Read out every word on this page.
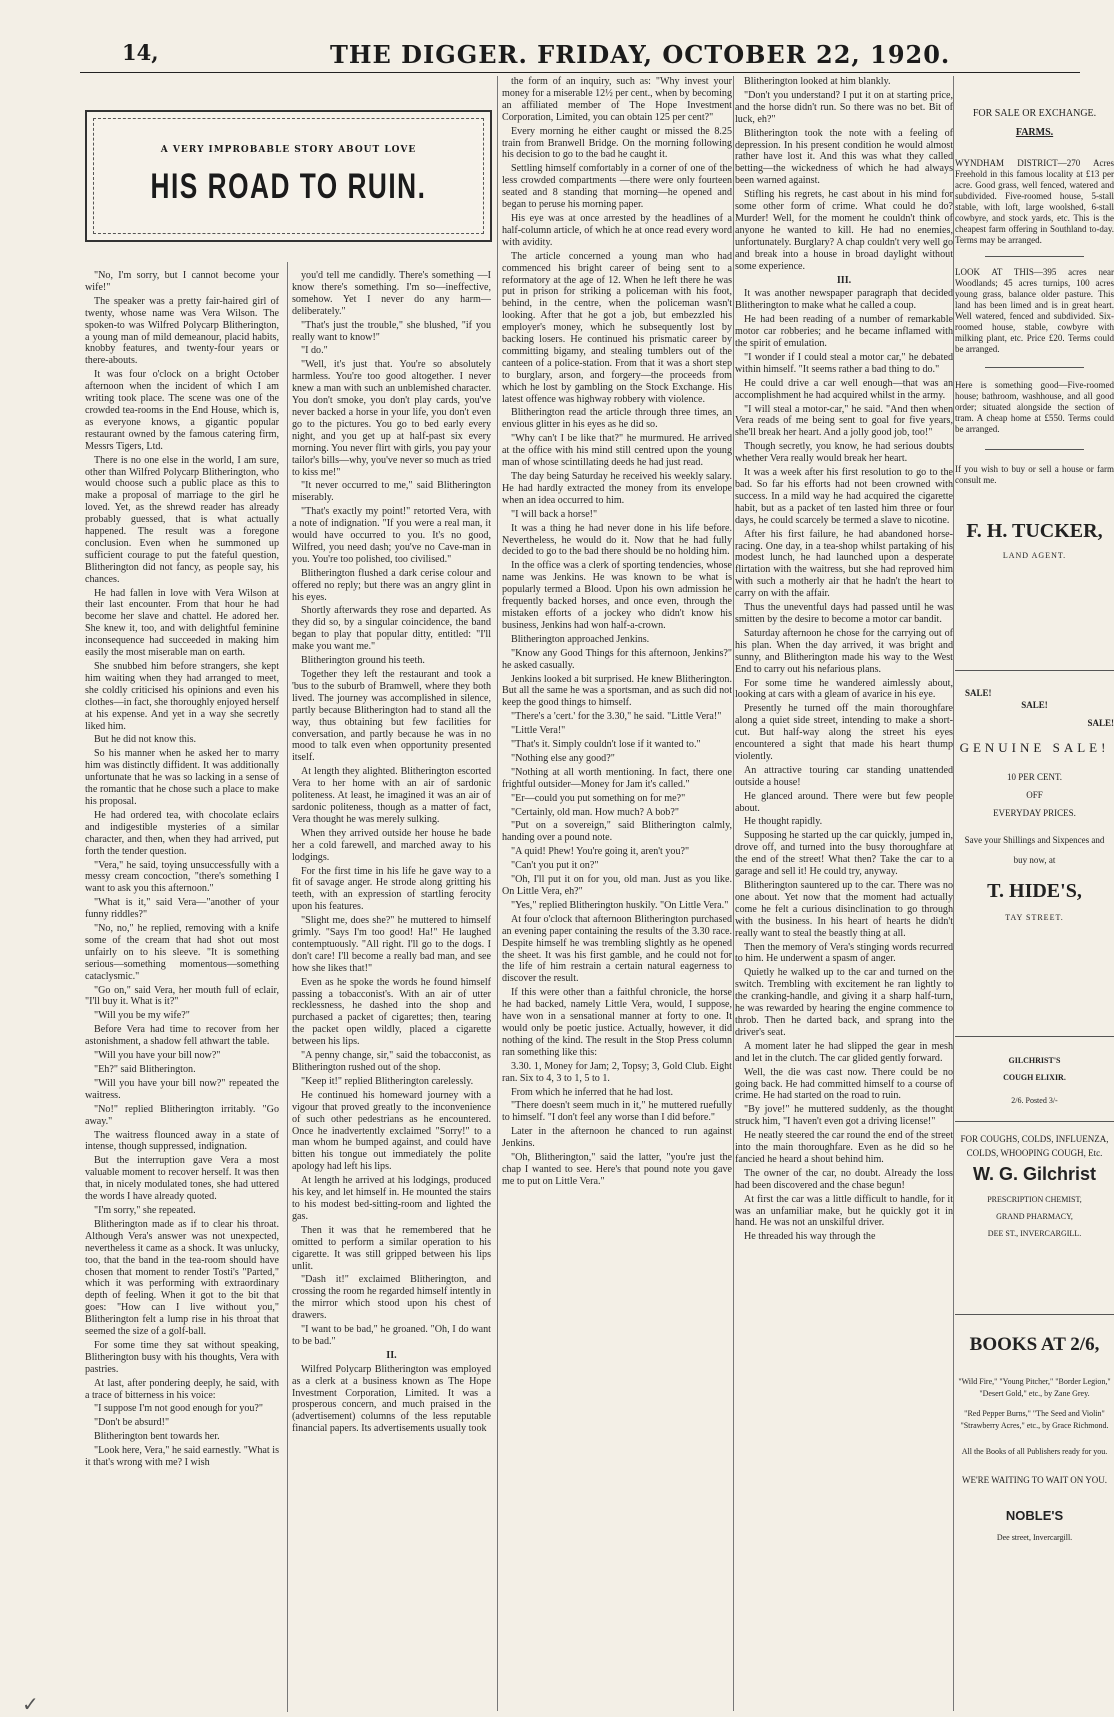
14,	THE DIGGER. FRIDAY, OCTOBER 22, 1920.
A VERY IMPROBABLE STORY ABOUT LOVE
HIS ROAD TO RUIN.

"No, I'm sorry, but I cannot become your wife!"

The speaker was a pretty fair-haired girl of twenty, whose name was Vera Wilson. The spoken-to was Wilfred Polycarp Blitherington, a young man of mild demeanour, placid habits, knobby features, and twenty-four years or there-abouts.

It was four o'clock on a bright October afternoon when the incident of which I am writing took place. The scene was one of the crowded tea-rooms in the End House, which is, as everyone knows, a gigantic popular restaurant owned by the famous catering firm, Messrs Tigers, Ltd.

There is no one else in the world, I am sure, other than Wilfred Polycarp Blitherington, who would choose such a public place as this to make a proposal of marriage to the girl he loved. Yet, as the shrewd reader has already probably guessed, that is what actually happened. The result was a foregone conclusion. Even when he summoned up sufficient courage to put the fateful question, Blitherington did not fancy, as people say, his chances.

He had fallen in love with Vera Wilson at their last encounter. From that hour he had become her slave and chattel. He adored her. She knew it, too, and with delightful feminine inconsequence had succeeded in making him easily the most miserable man on earth.

She snubbed him before strangers, she kept him waiting when they had arranged to meet, she coldly criticised his opinions and even his clothes—in fact, she thoroughly enjoyed herself at his expense. And yet in a way she secretly liked him.

But he did not know this.

So his manner when he asked her to marry him was distinctly diffident. It was additionally unfortunate that he was so lacking in a sense of the romantic that he chose such a place to make his proposal.

He had ordered tea, with chocolate eclairs and indigestible mysteries of a similar character, and then, when they had arrived, put forth the tender question.

"Vera," he said, toying unsuccessfully with a messy cream concoction, "there's something I want to ask you this afternoon."

"What is it," said Vera—"another of your funny riddles?"

"No, no," he replied, removing with a knife some of the cream that had shot out most unfairly on to his sleeve. "It is something serious—something momentous—something cataclysmic."

"Go on," said Vera, her mouth full of eclair, "I'll buy it. What is it?"

"Will you be my wife?"

Before Vera had time to recover from her astonishment, a shadow fell athwart the table.

"Will you have your bill now?"

"Eh?" said Blitherington.

"Will you have your bill now?" repeated the waitress.

"No!" replied Blitherington irritably. "Go away."

The waitress flounced away in a state of intense, though suppressed, indignation.

But the interruption gave Vera a most valuable moment to recover herself. It was then that, in nicely modulated tones, she had uttered the words I have already quoted.

"I'm sorry," she repeated.

Blitherington made as if to clear his throat. Although Vera's answer was not unexpected, nevertheless it came as a shock. It was unlucky, too, that the band in the tea-room should have chosen that moment to render Tosti's "Parted," which it was performing with extraordinary depth of feeling. When it got to the bit that goes: "How can I live without you," Blitherington felt a lump rise in his throat that seemed the size of a golf-ball.

For some time they sat without speaking, Blitherington busy with his thoughts, Vera with pastries.

At last, after pondering deeply, he said, with a trace of bitterness in his voice:

"I suppose I'm not good enough for you?"

"Don't be absurd!"

Blitherington bent towards her.

"Look here, Vera," he said earnestly. "What is it that's wrong with me? I wish

you'd tell me candidly. There's something —I know there's something. I'm so—ineffective, somehow. Yet I never do any harm—deliberately."

"That's just the trouble," she blushed, "if you really want to know!"

"I do."

"Well, it's just that. You're so absolutely harmless. You're too good altogether. I never knew a man with such an unblemished character. You don't smoke, you don't play cards, you've never backed a horse in your life, you don't even go to the pictures. You go to bed early every night, and you get up at half-past six every morning. You never flirt with girls, you pay your tailor's bills—why, you've never so much as tried to kiss me!"

"It never occurred to me," said Blitherington miserably.

"That's exactly my point!" retorted Vera, with a note of indignation. "If you were a real man, it would have occurred to you. It's no good, Wilfred, you need dash; you've no Cave-man in you. You're too polished, too civilised."

Blitherington flushed a dark cerise colour and offered no reply; but there was an angry glint in his eyes.

Shortly afterwards they rose and departed. As they did so, by a singular coincidence, the band began to play that popular ditty, entitled: "I'll make you want me."

Blitherington ground his teeth.

Together they left the restaurant and took a 'bus to the suburb of Bramwell, where they both lived. The journey was accomplished in silence, partly because Blitherington had to stand all the way, thus obtaining but few facilities for conversation, and partly because he was in no mood to talk even when opportunity presented itself.

At length they alighted. Blitherington escorted Vera to her home with an air of sardonic politeness. At least, he imagined it was an air of sardonic politeness, though as a matter of fact, Vera thought he was merely sulking.

When they arrived outside her house he bade her a cold farewell, and marched away to his lodgings.

For the first time in his life he gave way to a fit of savage anger. He strode along gritting his teeth, with an expression of startling ferocity upon his features.

"Slight me, does she?" he muttered to himself grimly. "Says I'm too good! Ha!" He laughed contemptuously. "All right. I'll go to the dogs. I don't care! I'll become a really bad man, and see how she likes that!"

Even as he spoke the words he found himself passing a tobacconist's. With an air of utter recklessness, he dashed into the shop and purchased a packet of cigarettes; then, tearing the packet open wildly, placed a cigarette between his lips.

"A penny change, sir," said the tobacconist, as Blitherington rushed out of the shop.

"Keep it!" replied Blitherington carelessly.

He continued his homeward journey with a vigour that proved greatly to the inconvenience of such other pedestrians as he encountered. Once he inadvertently exclaimed "Sorry!" to a man whom he bumped against, and could have bitten his tongue out immediately the polite apology had left his lips.

At length he arrived at his lodgings, produced his key, and let himself in. He mounted the stairs to his modest bed-sitting-room and lighted the gas.

Then it was that he remembered that he omitted to perform a similar operation to his cigarette. It was still gripped between his lips unlit.

"Dash it!" exclaimed Blitherington, and crossing the room he regarded himself intently in the mirror which stood upon his chest of drawers.

"I want to be bad," he groaned. "Oh, I do want to be bad."

II.

Wilfred Polycarp Blitherington was employed as a clerk at a business known as The Hope Investment Corporation, Limited. It was a prosperous concern, and much praised in the (advertisement) columns of the less reputable financial papers. Its advertisements usually took

the form of an inquiry, such as: "Why invest your money for a miserable 12½ per cent., when by becoming an affiliated member of The Hope Investment Corporation, Limited, you can obtain 125 per cent?"

Every morning he either caught or missed the 8.25 train from Branwell Bridge. On the morning following his decision to go to the bad he caught it.

Settling himself comfortably in a corner of one of the less crowded compartments —there were only fourteen seated and 8 standing that morning—he opened and began to peruse his morning paper.

His eye was at once arrested by the headlines of a half-column article, of which he at once read every word with avidity.

The article concerned a young man who had commenced his bright career of being sent to a reformatory at the age of 12. When he left there he was put in prison for striking a policeman with his foot, behind, in the centre, when the policeman wasn't looking. After that he got a job, but embezzled his employer's money, which he subsequently lost by backing losers. He continued his prismatic career by committing bigamy, and stealing tumblers out of the canteen of a police-station. From that it was a short step to burglary, arson, and forgery—the proceeds from which he lost by gambling on the Stock Exchange. His latest offence was highway robbery with violence.

Blitherington read the article through three times, an envious glitter in his eyes as he did so.

"Why can't I be like that?" he murmured. He arrived at the office with his mind still centred upon the young man of whose scintillating deeds he had just read.

The day being Saturday he received his weekly salary. He had hardly extracted the money from its envelope when an idea occurred to him.

"I will back a horse!"

It was a thing he had never done in his life before. Nevertheless, he would do it. Now that he had fully decided to go to the bad there should be no holding him.

In the office was a clerk of sporting tendencies, whose name was Jenkins. He was known to be what is popularly termed a Blood. Upon his own admission he frequently backed horses, and once even, through the mistaken efforts of a jockey who didn't know his business, Jenkins had won half-a-crown.

Blitherington approached Jenkins.

"Know any Good Things for this afternoon, Jenkins?" he asked casually.

Jenkins looked a bit surprised. He knew Blitherington. But all the same he was a sportsman, and as such did not keep the good things to himself.

"There's a 'cert.' for the 3.30," he said. "Little Vera!"

"Little Vera!"

"That's it. Simply couldn't lose if it wanted to."

"Nothing else any good?"

"Nothing at all worth mentioning. In fact, there one frightful outsider—Money for Jam it's called."

"Er—could you put something on for me?"

"Certainly, old man. How much? A bob?"

"Put on a sovereign," said Blitherington calmly, handing over a pound note.

"A quid! Phew! You're going it, aren't you?"

"Can't you put it on?"

"Oh, I'll put it on for you, old man. Just as you like. On Little Vera, eh?"

"Yes," replied Blitherington huskily. "On Little Vera."

At four o'clock that afternoon Blitherington purchased an evening paper containing the results of the 3.30 race. Despite himself he was trembling slightly as he opened the sheet. It was his first gamble, and he could not for the life of him restrain a certain natural eagerness to discover the result.

If this were other than a faithful chronicle, the horse he had backed, namely Little Vera, would, I suppose, have won in a sensational manner at forty to one. It would only be poetic justice. Actually, however, it did nothing of the kind. The result in the Stop Press column ran something like this:

3.30. 1, Money for Jam; 2, Topsy; 3, Gold Club. Eight ran. Six to 4, 3 to 1, 5 to 1.

From which he inferred that he had lost.

"There doesn't seem much in it," he muttered ruefully to himself. "I don't feel any worse than I did before."

Later in the afternoon he chanced to run against Jenkins.

"Oh, Blitherington," said the latter, "you're just the chap I wanted to see. Here's that pound note you gave me to put on Little Vera."

Blitherington looked at him blankly.

"Don't you understand? I put it on at starting price, and the horse didn't run. So there was no bet. Bit of luck, eh?"

Blitherington took the note with a feeling of depression. In his present condition he would almost rather have lost it. And this was what they called betting—the wickedness of which he had always been warned against.

Stifling his regrets, he cast about in his mind for some other form of crime. What could he do? Murder! Well, for the moment he couldn't think of anyone he wanted to kill. He had no enemies, unfortunately. Burglary? A chap couldn't very well go and break into a house in broad daylight without some experience.

III.

It was another newspaper paragraph that decided Blitherington to make what he called a coup.

He had been reading of a number of remarkable motor car robberies; and he became inflamed with the spirit of emulation.

"I wonder if I could steal a motor car," he debated within himself. "It seems rather a bad thing to do."

He could drive a car well enough—that was an accomplishment he had acquired whilst in the army.

"I will steal a motor-car," he said. "And then when Vera reads of me being sent to goal for five years, she'll break her heart. And a jolly good job, too!"

Though secretly, you know, he had serious doubts whether Vera really would break her heart.

It was a week after his first resolution to go to the bad. So far his efforts had not been crowned with success. In a mild way he had acquired the cigarette habit, but as a packet of ten lasted him three or four days, he could scarcely be termed a slave to nicotine.

After his first failure, he had abandoned horse-racing. One day, in a tea-shop whilst partaking of his modest lunch, he had launched upon a desperate flirtation with the waitress, but she had reproved him with such a motherly air that he hadn't the heart to carry on with the affair.

Thus the uneventful days had passed until he was smitten by the desire to become a motor car bandit.

Saturday afternoon he chose for the carrying out of his plan. When the day arrived, it was bright and sunny, and Blitherington made his way to the West End to carry out his nefarious plans.

For some time he wandered aimlessly about, looking at cars with a gleam of avarice in his eye.

Presently he turned off the main thoroughfare along a quiet side street, intending to make a short-cut. But half-way along the street his eyes encountered a sight that made his heart thump violently.

An attractive touring car standing unattended outside a house!

He glanced around. There were but few people about.

He thought rapidly.

Supposing he started up the car quickly, jumped in, drove off, and turned into the busy thoroughfare at the end of the street! What then? Take the car to a garage and sell it! He could try, anyway.

Blitherington sauntered up to the car. There was no one about. Yet now that the moment had actually come he felt a curious disinclination to go through with the business. In his heart of hearts he didn't really want to steal the beastly thing at all.

Then the memory of Vera's stinging words recurred to him. He underwent a spasm of anger.

Quietly he walked up to the car and turned on the switch. Trembling with excitement he ran lightly to the cranking-handle, and giving it a sharp half-turn, he was rewarded by hearing the engine commence to throb. Then he darted back, and sprang into the driver's seat.

A moment later he had slipped the gear in mesh and let in the clutch. The car glided gently forward.

Well, the die was cast now. There could be no going back. He had committed himself to a course of crime. He had started on the road to ruin.

"By jove!" he muttered suddenly, as the thought struck him, "I haven't even got a driving license!"

He neatly steered the car round the end of the street into the main thoroughfare. Even as he did so he fancied he heard a shout behind him.

The owner of the car, no doubt. Already the loss had been discovered and the chase begun!

At first the car was a little difficult to handle, for it was an unfamiliar make, but he quickly got it in hand. He was not an unskilful driver.

He threaded his way through the

FOR SALE OR EXCHANGE.
FARMS.
WYNDHAM DISTRICT—270 Acres Freehold in this famous locality at £13 per acre. Good grass, well fenced, watered and subdivided. Five-roomed house, 5-stall stable, with loft, large woolshed, 6-stall cowbyre, and stock yards, etc. This is the cheapest farm offering in Southland to-day. Terms may be arranged.
LOOK AT THIS—395 acres near Woodlands; 45 acres turnips, 100 acres young grass, balance older pasture. This land has been limed and is in great heart. Well watered, fenced and subdivided. Six-roomed house, stable, cowbyre with milking plant, etc. Price £20. Terms could be arranged.
Here is something good—Five-roomed house; bathroom, washhouse, and all good order; situated alongside the section of tram. A cheap home at £550. Terms could be arranged.
If you wish to buy or sell a house or farm consult me.
F. H. TUCKER,
LAND AGENT.
SALE!
SALE!
SALE!
GENUINE SALE!
10 PER CENT.
OFF
EVERYDAY PRICES.
Save your Shillings and Sixpences and buy now, at
T. HIDE'S,
TAY STREET.
GILCHRIST'S
COUGH ELIXIR.
2/6. Posted 3/-
FOR COUGHS, COLDS, INFLUENZA, COLDS, WHOOPING COUGH, Etc.
W. G. Gilchrist
PRESCRIPTION CHEMIST,
GRAND PHARMACY,
DEE ST., INVERCARGILL.
BOOKS AT 2/6,
"Wild Fire," "Young Pitcher," "Border Legion," "Desert Gold," etc., by Zane Grey.
"Red Pepper Burns," "The Seed and Violin" "Strawberry Acres," etc., by Grace Richmond.
All the Books of all Publishers ready for you.
WE'RE WAITING TO WAIT ON YOU.
NOBLE'S
Dee street, Invercargill.
✓
